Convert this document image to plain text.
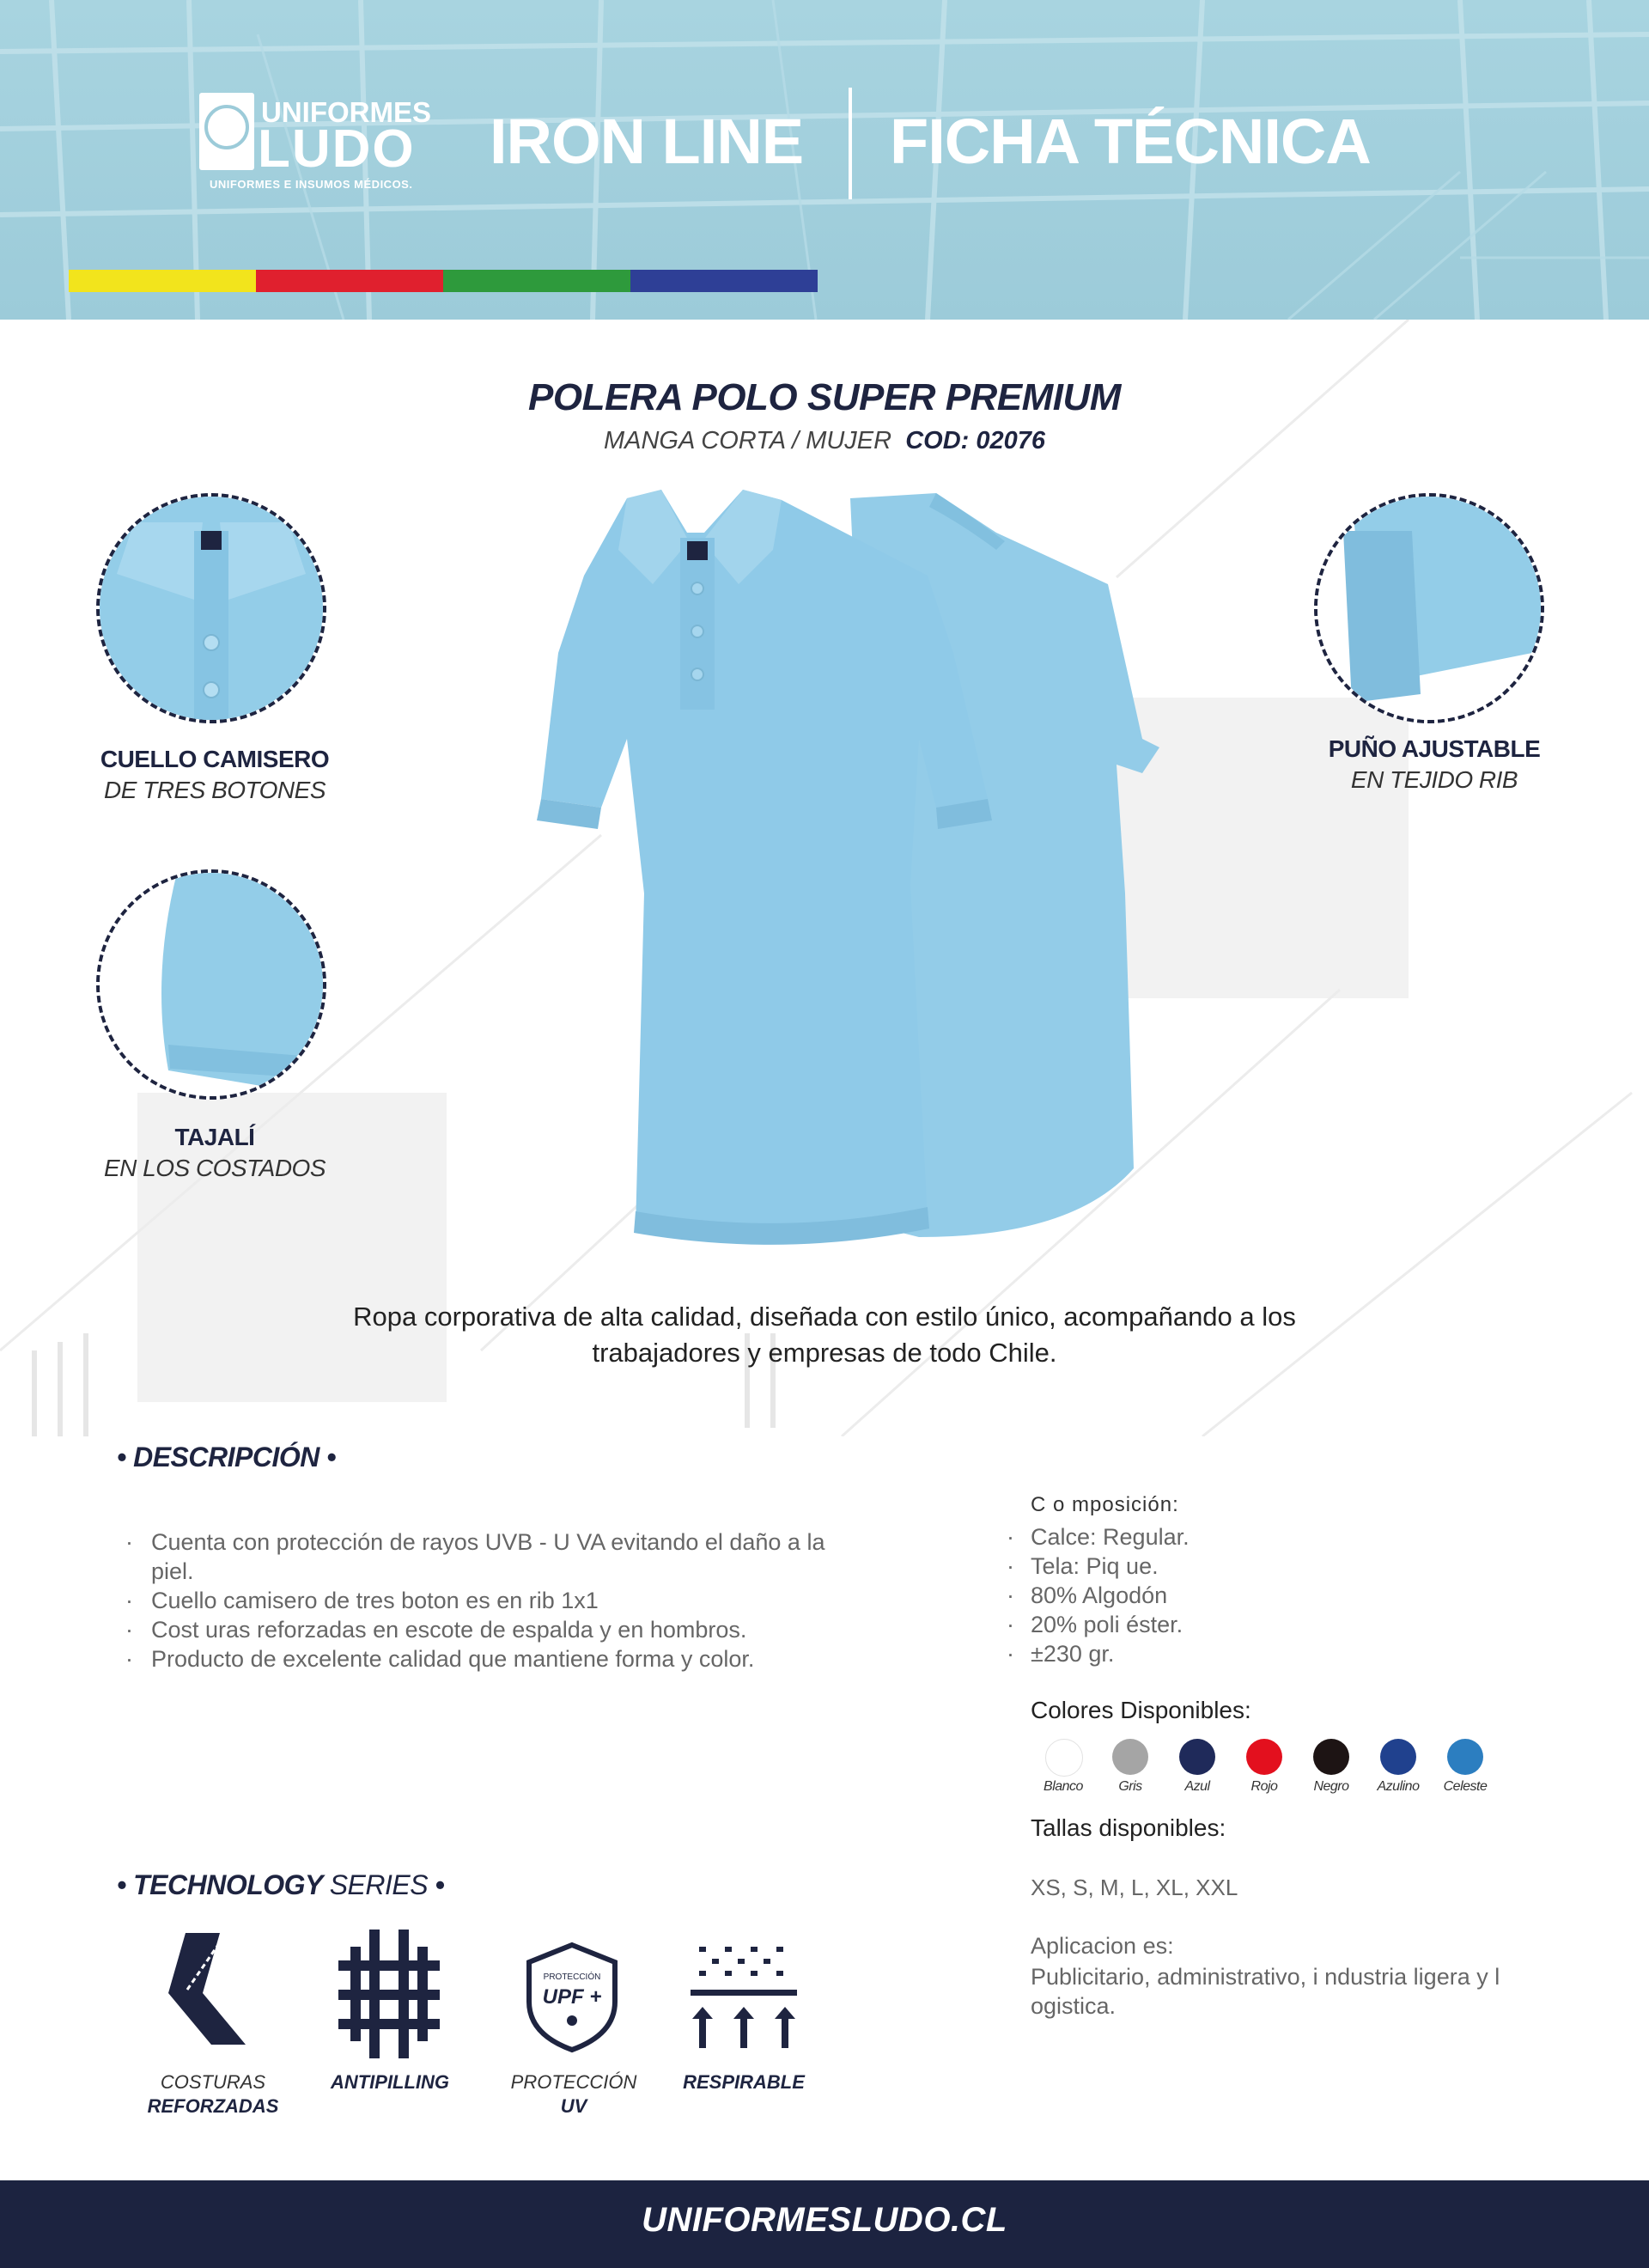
UNIFORMES
LUDO
UNIFORMES E INSUMOS MÉDICOS.
IRON LINE FICHA TÉCNICA
POLERA POLO SUPER PREMIUM
MANGA CORTA / MUJER COD: 02076
CUELLO CAMISERO
DE TRES BOTONES
TAJALÍ
EN LOS COSTADOS
PUÑO AJUSTABLE
EN TEJIDO RIB
Ropa corporativa de alta calidad, diseñada con estilo único, acompañando a los trabajadores y empresas de todo Chile.
• DESCRIPCIÓN •
· Cuenta con protección de rayos UVB - U VA evitando el daño a la piel.
· Cuello camisero de tres boton es en rib 1x1
· Cost uras reforzadas en escote de espalda y en hombros.
· Producto de excelente calidad que mantiene forma y color.
C o mposición:
· Calce: Regular.
· Tela: Piq ue.
· 80% Algodón
· 20% poli éster.
· ±230 gr.
Colores Disponibles:
Blanco	Gris	Azul	Rojo	Negro	Azulino	Celeste
Tallas disponibles:
XS, S, M, L, XL, XXL
Aplicacion es:
Publicitario, administrativo, i ndustria ligera y l ogistica.
• TECHNOLOGY SERIES •
PROTECCIÓN
UPF +
COSTURAS
REFORZADAS
ANTIPILLING	PROTECCIÓN
UV
RESPIRABLE
UNIFORMESLUDO.CL
